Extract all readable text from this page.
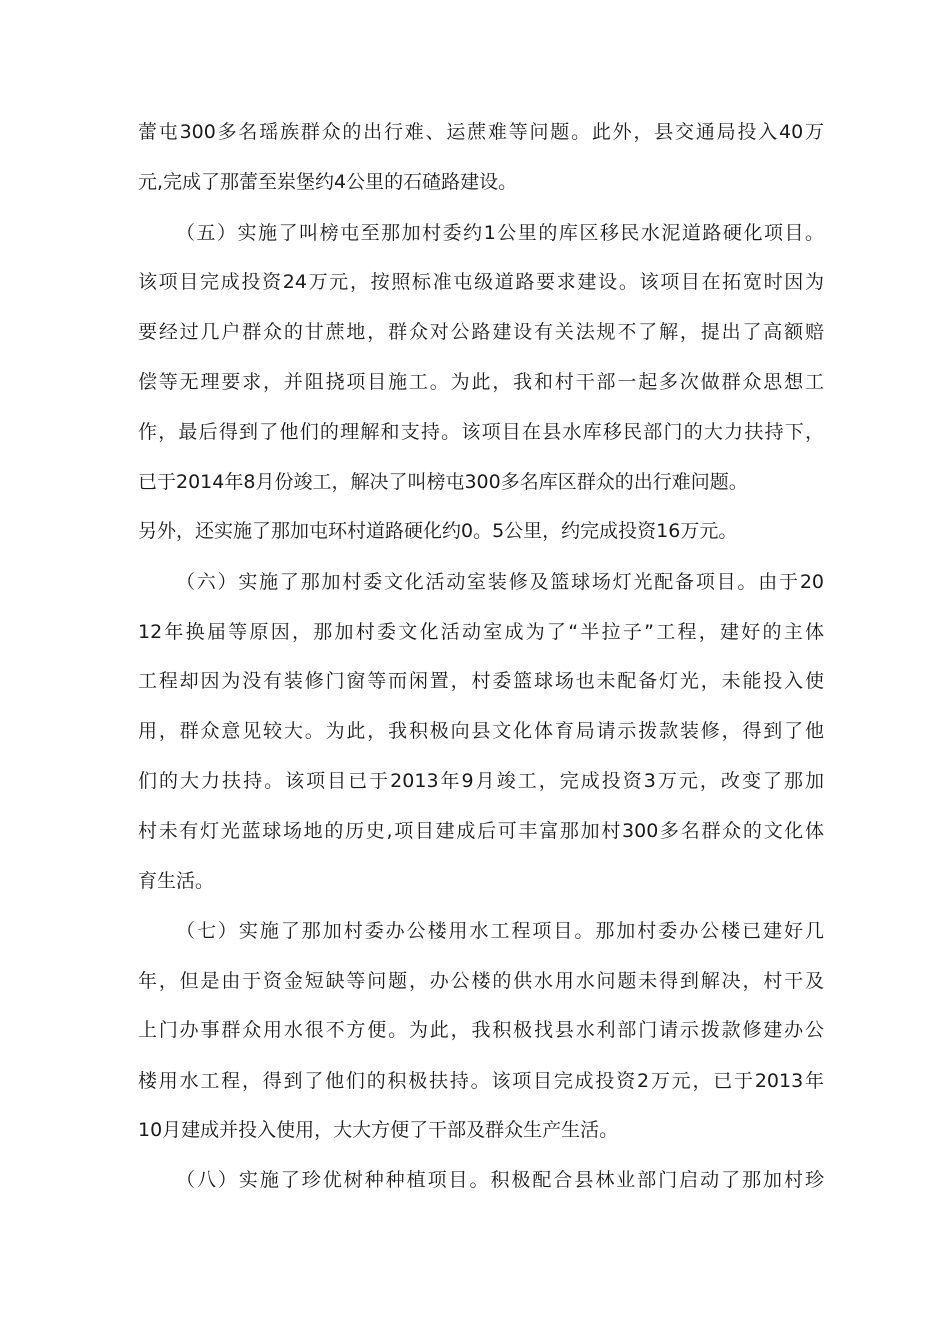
蕾屯300多名瑶族群众的出行难、运蔗难等问题。此外，县交通局投入40万
元,完成了那蕾至岽堡约4公里的石碴路建设。
（五）实施了叫榜屯至那加村委约1公里的库区移民水泥道路硬化项目。
该项目完成投资24万元，按照标准屯级道路要求建设。该项目在拓宽时因为
要经过几户群众的甘蔗地，群众对公路建设有关法规不了解，提出了高额赔
偿等无理要求，并阻挠项目施工。为此，我和村干部一起多次做群众思想工
作，最后得到了他们的理解和支持。该项目在县水库移民部门的大力扶持下，
已于2014年8月份竣工，解决了叫榜屯300多名库区群众的出行难问题。
另外，还实施了那加屯环村道路硬化约0。5公里，约完成投资16万元。
（六）实施了那加村委文化活动室装修及篮球场灯光配备项目。由于20
12年换届等原因，那加村委文化活动室成为了“半拉子”工程，建好的主体
工程却因为没有装修门窗等而闲置，村委篮球场也未配备灯光，未能投入使
用，群众意见较大。为此，我积极向县文化体育局请示拨款装修，得到了他
们的大力扶持。该项目已于2013年9月竣工，完成投资3万元，改变了那加
村未有灯光蓝球场地的历史,项目建成后可丰富那加村300多名群众的文化体
育生活。
（七）实施了那加村委办公楼用水工程项目。那加村委办公楼已建好几
年，但是由于资金短缺等问题，办公楼的供水用水问题未得到解决，村干及
上门办事群众用水很不方便。为此，我积极找县水利部门请示拨款修建办公
楼用水工程，得到了他们的积极扶持。该项目完成投资2万元，已于2013年
10月建成并投入使用，大大方便了干部及群众生产生活。
（八）实施了珍优树种种植项目。积极配合县林业部门启动了那加村珍
